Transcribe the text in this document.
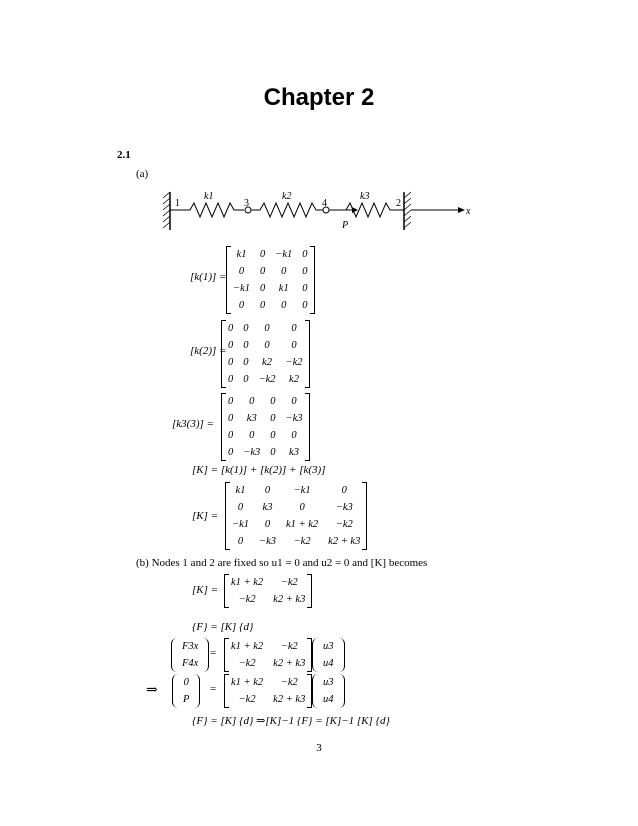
Chapter 2
2.1
(a)
1	3	4	2
k1	k2	k3
P
x
[k(1)] =
k1	0	−k1	0
0	0	0	0
−k1	0	k1	0
0	0	0	0
[k(2)] =
0	0	0	0
0	0	0	0
0	0	k2	−k2
0	0	−k2	k2
[k3(3)] =
0	0	0	0
0	k3	0	−k3
0	0	0	0
0	−k3	0	k3
[K] = [k(1)] + [k(2)] + [k(3)]
[K] =
k1	0	−k1	0
0	k3	0	−k3
−k1	0	k1 + k2	−k2
0	−k3	−k2	k2 + k3
(b) Nodes 1 and 2 are fixed so u1 = 0 and u2 = 0 and [K] becomes
[K] =
k1 + k2	−k2
−k2	k2 + k3
{F} = [K] {d}
F3x
F4x
=
k1 + k2	−k2
−k2	k2 + k3
u3
u4
⇒
0
P
=
k1 + k2	−k2
−k2	k2 + k3
u3
u4
{F} = [K] {d} ⇒[K]−1 {F} = [K]−1 [K] {d}
3
